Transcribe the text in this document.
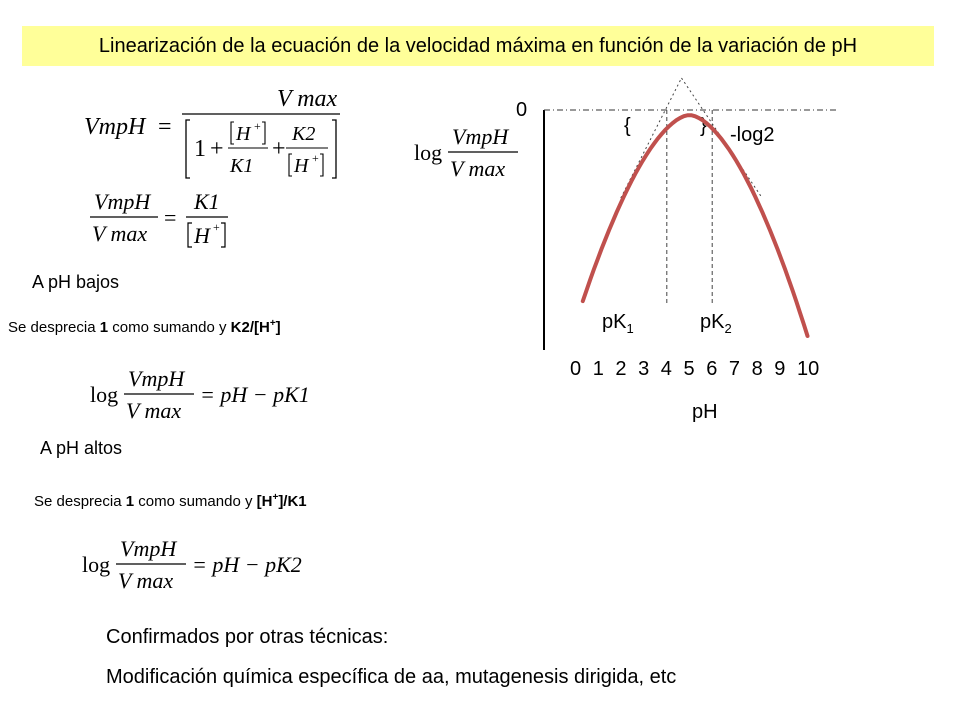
Linearización de la ecuación de la velocidad máxima en función de la variación de pH
VmpH =
V max
1 +
H +
K1
+
K2
H +
VmpH
V max
=
K1
H +
A pH bajos
Se desprecia 1 como sumando y K2/[H+]
log
VmpH
V max
= pH − pK1
A pH altos
Se desprecia 1 como sumando y [H+]/K1
log
VmpH
V max
= pH − pK2
log
VmpH
V max
0
-log2
{	}
$pK_1$	$pK_2$
pH
0 1 2 3 4 5 6 7 8 9 10
Confirmados por otras técnicas:
Modificación química específica de aa, mutagenesis dirigida, etc
